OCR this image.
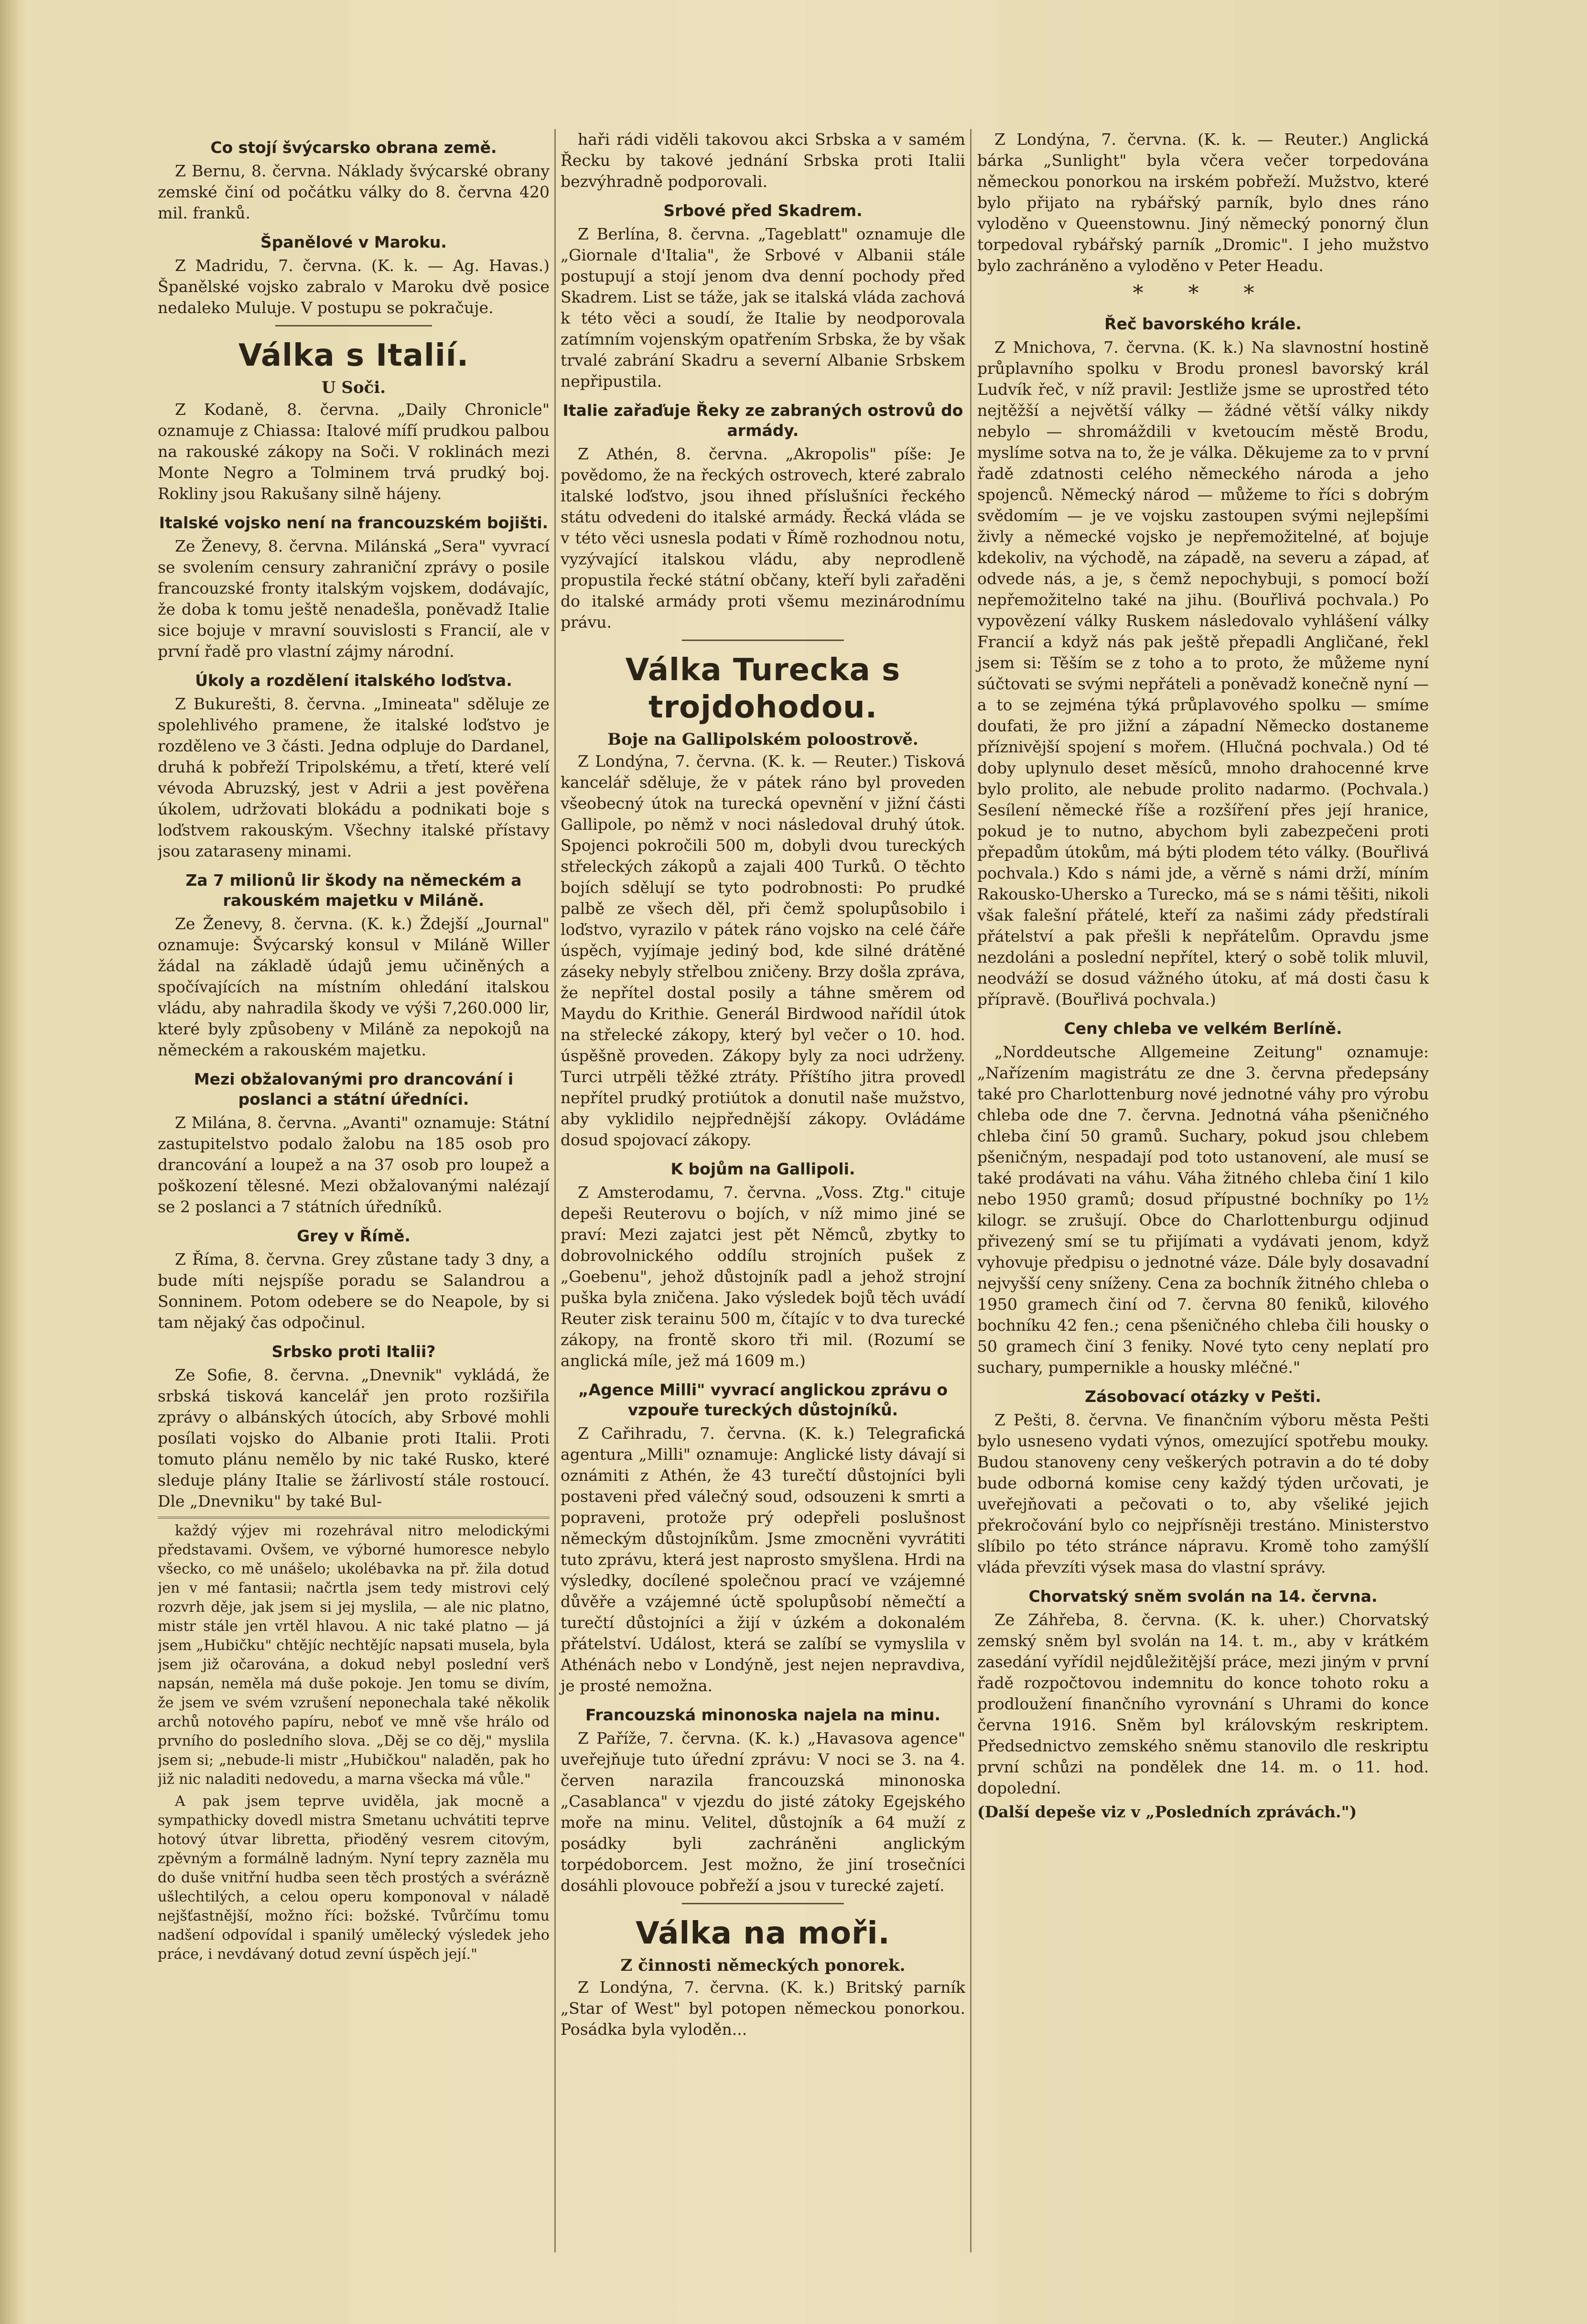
Co stojí švýcarsko obrana země.

Z Bernu, 8. června. Náklady švýcarské obrany zemské činí od počátku války do 8. června 420 mil. franků.

Španělové v Maroku.

Z Madridu, 7. června. (K. k. — Ag. Havas.) Španělské vojsko zabralo v Maroku dvě posice nedaleko Muluje. V postupu se pokračuje.

Válka s Italií.
U Soči.

Z Kodaně, 8. června. „Daily Chronicle" oznamuje z Chiassa: Italové mífí prudkou palbou na rakouské zákopy na Soči. V roklinách mezi Monte Negro a Tolminem trvá prudký boj. Rokliny jsou Rakušany silně hájeny.

Italské vojsko není na francouzském bojišti.

Ze Ženevy, 8. června. Milánská „Sera" vyvrací se svolením censury zahraniční zprávy o posile francouzské fronty italským vojskem, dodávajíc, že doba k tomu ještě nenadešla, poněvadž Italie sice bojuje v mravní souvislosti s Francií, ale v první řadě pro vlastní zájmy národní.

Úkoly a rozdělení italského loďstva.

Z Bukurešti, 8. června. „Imineata" sděluje ze spolehlivého pramene, že italské loďstvo je rozděleno ve 3 části. Jedna odpluje do Dardanel, druhá k pobřeží Tripolskému, a třetí, které velí vévoda Abruzský, jest v Adrii a jest pověřena úkolem, udržovati blokádu a podnikati boje s loďstvem rakouským. Všechny italské přístavy jsou zataraseny minami.

Za 7 milionů lir škody na německém a rakouském majetku v Miláně.

Ze Ženevy, 8. června. (K. k.) Ždejší „Journal" oznamuje: Švýcarský konsul v Miláně Willer žádal na základě údajů jemu učiněných a spočívajících na místním ohledání italskou vládu, aby nahradila škody ve výši 7,260.000 lir, které byly způsobeny v Miláně za nepokojů na německém a rakouském majetku.

Mezi obžalovanými pro drancování i poslanci a státní úředníci.

Z Milána, 8. června. „Avanti" oznamuje: Státní zastupitelstvo podalo žalobu na 185 osob pro drancování a loupež a na 37 osob pro loupež a poškození tělesné. Mezi obžalovanými nalézají se 2 poslanci a 7 státních úředníků.

Grey v Římě.

Z Říma, 8. června. Grey zůstane tady 3 dny, a bude míti nejspíše poradu se Salandrou a Sonninem. Potom odebere se do Neapole, by si tam nějaký čas odpočinul.

Srbsko proti Italii?

Ze Sofie, 8. června. „Dnevnik" vykládá, že srbská tisková kancelář jen proto rozšiřila zprávy o albánských útocích, aby Srbové mohli posílati vojsko do Albanie proti Italii. Proti tomuto plánu nemělo by nic také Rusko, které sleduje plány Italie se žárlivostí stále rostoucí. Dle „Dnevniku" by také Bul-

každý výjev mi rozehrával nitro melodickými představami. Ovšem, ve výborné humoresce nebylo všecko, co mě unášelo; ukolébavka na př. žila dotud jen v mé fantasii; načrtla jsem tedy mistrovi celý rozvrh děje, jak jsem si jej myslila, — ale nic platno, mistr stále jen vrtěl hlavou. A nic také platno — já jsem „Hubičku" chtějíc nechtějíc napsati musela, byla jsem již očarována, a dokud nebyl poslední verš napsán, neměla má duše pokoje. Jen tomu se divím, že jsem ve svém vzrušení neponechala také několik archů notového papíru, neboť ve mně vše hrálo od prvního do posledního slova. „Děj se co děj," myslila jsem si; „nebude-li mistr „Hubičkou" naladěn, pak ho již nic naladiti nedovedu, a marna všecka má vůle."

A pak jsem teprve uviděla, jak mocně a sympathicky dovedl mistra Smetanu uchvátiti teprve hotový útvar libretta, přioděný vesrem citovým, zpěvným a formálně ladným. Nyní tepry zazněla mu do duše vnitřní hudba seen těch prostých a svérázně ušlechtilých, a celou operu komponoval v náladě nejšťastnější, možno říci: božské. Tvůrčímu tomu nadšení odpovídal i spanilý umělecký výsledek jeho práce, i nevdávaný dotud zevní úspěch její."

haři rádi viděli takovou akci Srbska a v samém Řecku by takové jednání Srbska proti Italii bezvýhradně podporovali.

Srbové před Skadrem.

Z Berlína, 8. června. „Tageblatt" oznamuje dle „Giornale d'Italia", že Srbové v Albanii stále postupují a stojí jenom dva denní pochody před Skadrem. List se táže, jak se italská vláda zachová k této věci a soudí, že Italie by neodporovala zatímním vojenským opatřením Srbska, že by však trvalé zabrání Skadru a severní Albanie Srbskem nepřipustila.

Italie zařaďuje Řeky ze zabraných ostrovů do armády.

Z Athén, 8. června. „Akropolis" píše: Je povědomo, že na řeckých ostrovech, které zabralo italské loďstvo, jsou ihned příslušníci řeckého státu odvedeni do italské armády. Řecká vláda se v této věci usnesla podati v Římě rozhodnou notu, vyzývající italskou vládu, aby neprodleně propustila řecké státní občany, kteří byli zařaděni do italské armády proti všemu mezinárodnímu právu.

Válka Turecka s trojdohodou.
Boje na Gallipolském poloostrově.

Z Londýna, 7. června. (K. k. — Reuter.) Tisková kancelář sděluje, že v pátek ráno byl proveden všeobecný útok na turecká opevnění v jižní části Gallipole, po němž v noci následoval druhý útok. Spojenci pokročili 500 m, dobyli dvou tureckých střeleckých zákopů a zajali 400 Turků. O těchto bojích sdělují se tyto podrobnosti: Po prudké palbě ze všech děl, při čemž spolupůsobilo i loďstvo, vyrazilo v pátek ráno vojsko na celé čáře úspěch, vyjímaje jediný bod, kde silné drátěné záseky nebyly střelbou zničeny. Brzy došla zpráva, že nepřítel dostal posily a táhne směrem od Maydu do Krithie. Generál Birdwood nařídil útok na střelecké zákopy, který byl večer o 10. hod. úspěšně proveden. Zákopy byly za noci udrženy. Turci utrpěli těžké ztráty. Příštího jitra provedl nepřítel prudký protiútok a donutil naše mužstvo, aby vyklidilo nejpřednější zákopy. Ovládáme dosud spojovací zákopy.

K bojům na Gallipoli.

Z Amsterodamu, 7. června. „Voss. Ztg." cituje depeši Reuterovu o bojích, v níž mimo jiné se praví: Mezi zajatci jest pět Němců, zbytky to dobrovolnického oddílu strojních pušek z „Goebenu", jehož důstojník padl a jehož strojní puška byla zničena. Jako výsledek bojů těch uvádí Reuter zisk terainu 500 m, čítajíc v to dva turecké zákopy, na frontě skoro tři mil. (Rozumí se anglická míle, jež má 1609 m.)

„Agence Milli" vyvrací anglickou zprávu o vzpouře tureckých důstojníků.

Z Cařihradu, 7. června. (K. k.) Telegrafická agentura „Milli" oznamuje: Anglické listy dávají si oznámiti z Athén, že 43 turečtí důstojníci byli postaveni před válečný soud, odsouzeni k smrti a popraveni, protože prý odepřeli poslušnost německým důstojníkům. Jsme zmocněni vyvrátiti tuto zprávu, která jest naprosto smyšlena. Hrdi na výsledky, docílené společnou prací ve vzájemné důvěře a vzájemné úctě spolupůsobí němečtí a turečtí důstojníci a žijí v úzkém a dokonalém přátelství. Událost, která se zalíbí se vymyslila v Athénách nebo v Londýně, jest nejen nepravdiva, je prosté nemožna.

Francouzská minonoska najela na minu.

Z Paříže, 7. června. (K. k.) „Havasova agence" uveřejňuje tuto úřední zprávu: V noci se 3. na 4. červen narazila francouzská minonoska „Casablanca" v vjezdu do jisté zátoky Egejského moře na minu. Velitel, důstojník a 64 muží z posádky byli zachráněni anglickým torpédoborcem. Jest možno, že jiní trosečníci dosáhli plovouce pobřeží a jsou v turecké zajetí.

Válka na moři.
Z činnosti německých ponorek.

Z Londýna, 7. června. (K. k.) Britský parník „Star of West" byl potopen německou ponorkou. Posádka byla vyloděn...

Z Londýna, 7. června. (K. k. — Reuter.) Anglická bárka „Sunlight" byla včera večer torpedována německou ponorkou na irském pobřeží. Mužstvo, které bylo přijato na rybářský parník, bylo dnes ráno vyloděno v Queenstownu. Jiný německý ponorný člun torpedoval rybářský parník „Dromic". I jeho mužstvo bylo zachráněno a vyloděno v Peter Headu.

* * *
Řeč bavorského krále.

Z Mnichova, 7. června. (K. k.) Na slavnostní hostině průplavního spolku v Brodu pronesl bavorský král Ludvík řeč, v níž pravil: Jestliže jsme se uprostřed této nejtěžší a největší války — žádné větší války nikdy nebylo — shromáždili v kvetoucím městě Brodu, myslíme sotva na to, že je válka. Děkujeme za to v první řadě zdatnosti celého německého národa a jeho spojenců. Německý národ — můžeme to říci s dobrým svědomím — je ve vojsku zastoupen svými nejlepšími živly a německé vojsko je nepřemožitelné, ať bojuje kdekoliv, na východě, na západě, na severu a západ, ať odvede nás, a je, s čemž nepochybuji, s pomocí boží nepřemožitelno také na jihu. (Bouřlivá pochvala.) Po vypovězení války Ruskem následovalo vyhlášení války Francií a když nás pak ještě přepadli Angličané, řekl jsem si: Těším se z toho a to proto, že můžeme nyní súčtovati se svými nepřáteli a poněvadž konečně nyní — a to se zejména týká průplavového spolku — smíme doufati, že pro jižní a západní Německo dostaneme příznivější spojení s mořem. (Hlučná pochvala.) Od té doby uplynulo deset měsíců, mnoho drahocenné krve bylo prolito, ale nebude prolito nadarmo. (Pochvala.) Sesílení německé říše a rozšíření přes její hranice, pokud je to nutno, abychom byli zabezpečeni proti přepadům útokům, má býti plodem této války. (Bouřlivá pochvala.) Kdo s námi jde, a věrně s námi drží, míním Rakousko-Uhersko a Turecko, má se s námi těšiti, nikoli však falešní přátelé, kteří za našimi zády předstírali přátelství a pak přešli k nepřátelům. Opravdu jsme nezdoláni a poslední nepřítel, který o sobě tolik mluvil, neodváží se dosud vážného útoku, ať má dosti času k přípravě. (Bouřlivá pochvala.)

Ceny chleba ve velkém Berlíně.

„Norddeutsche Allgemeine Zeitung" oznamuje: „Nařízením magistrátu ze dne 3. června předepsány také pro Charlottenburg nové jednotné váhy pro výrobu chleba ode dne 7. června. Jednotná váha pšeničného chleba činí 50 gramů. Suchary, pokud jsou chlebem pšeničným, nespadají pod toto ustanovení, ale musí se také prodávati na váhu. Váha žitného chleba činí 1 kilo nebo 1950 gramů; dosud přípustné bochníky po 1½ kilogr. se zrušují. Obce do Charlottenburgu odjinud přivezený smí se tu přijímati a vydávati jenom, když vyhovuje předpisu o jednotné váze. Dále byly dosavadní nejvyšší ceny sníženy. Cena za bochník žitného chleba o 1950 gramech činí od 7. června 80 feniků, kilového bochníku 42 fen.; cena pšeničného chleba čili housky o 50 gramech činí 3 feniky. Nové tyto ceny neplatí pro suchary, pumpernikle a housky mléčné."

Zásobovací otázky v Pešti.

Z Pešti, 8. června. Ve finančním výboru města Pešti bylo usneseno vydati výnos, omezující spotřebu mouky. Budou stanoveny ceny veškerých potravin a do té doby bude odborná komise ceny každý týden určovati, je uveřejňovati a pečovati o to, aby všeliké jejich překročování bylo co nejpřísněji trestáno. Ministerstvo slíbilo po této stránce nápravu. Kromě toho zamýšlí vláda převzíti výsek masa do vlastní správy.

Chorvatský sněm svolán na 14. června.

Ze Záhřeba, 8. června. (K. k. uher.) Chorvatský zemský sněm byl svolán na 14. t. m., aby v krátkém zasedání vyřídil nejdůležitější práce, mezi jiným v první řadě rozpočtovou indemnitu do konce tohoto roku a prodloužení finančního vyrovnání s Uhrami do konce června 1916. Sněm byl královským reskriptem. Předsednictvo zemského sněmu stanovilo dle reskriptu první schůzi na pondělek dne 14. m. o 11. hod. dopolední.

(Další depeše viz v „Posledních zprávách.")
